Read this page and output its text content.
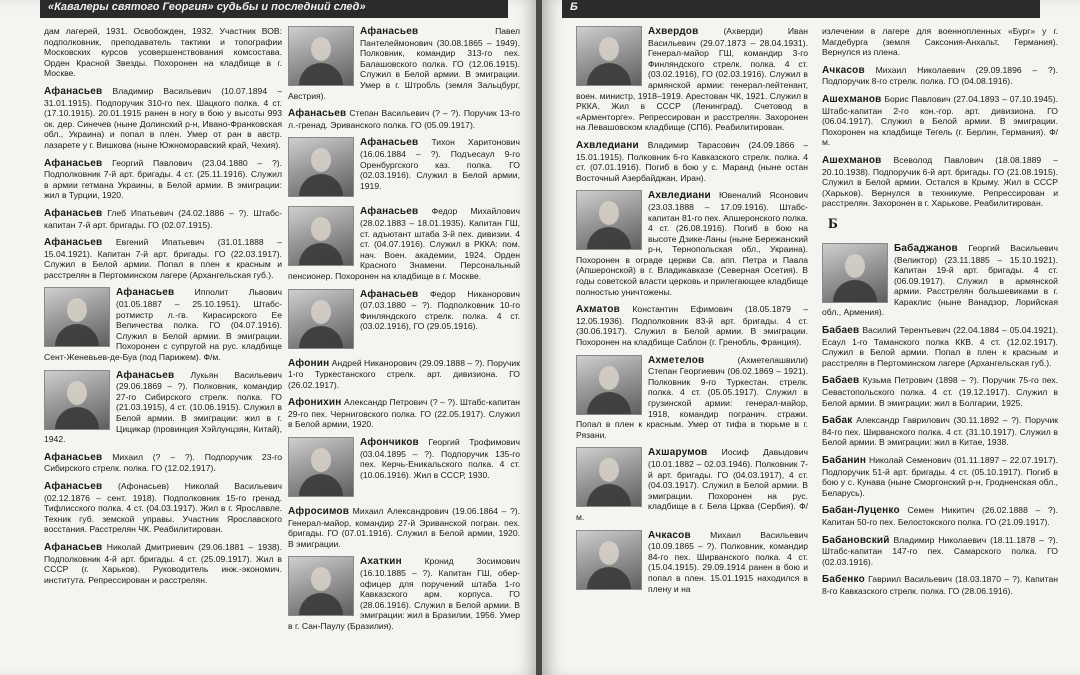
«Кавалеры святого Георгия» судьбы и последний след»
дам лагерей, 1931. Освобожден, 1932. Участник ВОВ: подполковник, преподаватель тактики и топографии Московских курсов усовершенствования комсостава. Орден Красной Звезды. Похоронен на кладбище в г. Москве.
Афанасьев Владимир Васильевич (10.07.1894 – 31.01.1915). Подпоручик 310-го пех. Шацкого полка. 4 ст. (17.10.1915). 20.01.1915 ранен в ногу в бою у высоты 993 ок. дер. Синечев (ныне Долинский р-н, Ивано-Франковская обл., Украина) и попал в плен. Умер от ран в австр. лазарете у г. Вишкова (ныне Южноморавский край, Чехия).
Афанасьев Георгий Павлович (23.04.1880 – ?). Подполковник 7-й арт. бригады. 4 ст. (25.11.1916). Служил в армии гетмана Украины, в Белой армии. В эмиграции: жил в Турции, 1920.
Афанасьев Глеб Ипатьевич (24.02.1886 – ?). Штабс-капитан 7-й арт. бригады. ГО (02.07.1915).
Афанасьев Евгений Ипатьевич (31.01.1888 – 15.04.1921). Капитан 7-й арт. бригады. ГО (22.03.1917). Служил в Белой армии. Попал в плен к красным и расстрелян в Пертоминском лагере (Архангельская губ.).
Афанасьев Ипполит Львович (01.05.1887 – 25.10.1951). Штабс-ротмистр л.-гв. Кирасирского Ее Величества полка. ГО (04.07.1916). Служил в Белой армии. В эмиграции. Похоронен с супругой на рус. кладбище Сент-Женевьев-де-Буа (под Парижем). Ф/м.
Афанасьев Лукьян Васильевич (29.06.1869 – ?). Полковник, командир 27-го Сибирского стрелк. полка. ГО (21.03.1915), 4 ст. (10.06.1915). Служил в Белой армии. В эмиграции: жил в г. Цицикар (провинция Хэйлунцзян, Китай), 1942.
Афанасьев Михаил (? – ?). Подпоручик 23-го Сибирского стрелк. полка. ГО (12.02.1917).
Афанасьев (Афонасьев) Николай Васильевич (02.12.1876 – сент. 1918). Подполковник 15-го гренад. Тифлисского полка. 4 ст. (04.03.1917). Жил в г. Ярославле. Техник губ. земской управы. Участник Ярославского восстания. Расстрелян ЧК. Реабилитирован.
Афанасьев Николай Дмитриевич (29.06.1881 – 1938). Подполковник 4-й арт. бригады. 4 ст. (25.09.1917). Жил в СССР (г. Харьков). Руководитель инж.-экономич. института. Репрессирован и расстрелян.
Афанасьев	Павел Пантелеймонович (30.08.1865 – 1949). Полковник, командир 313-го пех. Балашовского полка. ГО (12.06.1915). Служил в Белой армии. В эмиграции. Умер в г. Штробль (земля Зальцбург, Австрия).
Афанасьев Степан Васильевич (? – ?). Поручик 13-го л.-гренад. Эриванского полка. ГО (05.09.1917).
Афанасьев Тихон Харитонович (16.06.1884 – ?). Подъесаул 9-го Оренбургского каз. полка. ГО (02.03.1916). Служил в Белой армии, 1919.
Афанасьев Федор Михайлович (28.02.1883 – 18.01.1935). Капитан ГШ, ст. адъютант штаба 3-й пех. дивизии. 4 ст. (04.07.1916). Служил в РККА: пом. нач. Воен. академии, 1924. Орден Красного Знамени. Персональный пенсионер. Похоронен на кладбище в г. Москве.
Афанасьев Федор Никанорович (07.03.1880 – ?). Подполковник 10-го Финляндского стрелк. полка. 4 ст. (03.02.1916), ГО (29.05.1916).
Афонин Андрей Никанорович (29.09.1888 – ?). Поручик 1-го Туркестанского стрелк. арт. дивизиона. ГО (26.02.1917).
Афонихин Александр Петрович (? – ?). Штабс-капитан 29-го пех. Черниговского полка. ГО (22.05.1917). Служил в Белой армии, 1920.
Афончиков Георгий Трофимович (03.04.1895 – ?). Подпоручик 135-го пех. Керчь-Еникальского полка. 4 ст. (10.06.1916). Жил в СССР, 1930.
Афросимов Михаил Александрович (19.06.1864 – ?). Генерал-майор, командир 27-й Эриванской погран. пех. бригады. ГО (07.01.1916). Служил в Белой армии, 1920. В эмиграции.
Ахаткин	Кронид Зосимович (16.10.1885 – ?). Капитан ГШ, обер-офицер для поручений штаба 1-го Кавказского арм. корпуса. ГО (28.06.1916). Служил в Белой армии. В эмиграции: жил в Бразилии, 1956. Умер в г. Сан-Паулу (Бразилия).
Б
Ахвердов	(Ахверди) Иван Васильевич (29.07.1873 – 28.04.1931). Генерал-майор ГШ, командир 3-го Финляндского стрелк. полка. 4 ст. (03.02.1916), ГО (02.03.1916). Служил в армянской армии: генерал-лейтенант, воен. министр, 1918–1919. Арестован ЧК, 1921. Служил в РККА. Жил в СССР (Ленинград). Счетовод в «Арменторге». Репрессирован и расстрелян. Захоронен на Левашовском кладбище (СПб). Реабилитирован.
Ахвледиани Владимир Тарасович (24.09.1866 – 15.01.1915). Полковник 6-го Кавказского стрелк. полка. 4 ст. (07.01.1916). Погиб в бою у с. Маранд (ныне остан Восточный Азербайджан, Иран).
Ахвледиани Ювеналий Ясонович (23.03.1888 – 17.09.1916). Штабс-капитан 81-го пех. Апшеронского полка. 4 ст. (26.08.1916). Погиб в бою на высоте Дзике-Ланы (ныне Бережанский р-н, Тернопольская обл., Украина). Похоронен в ограде церкви Св. апп. Петра и Павла (Апшеронской) в г. Владикавказе (Северная Осетия). В годы советской власти церковь и прилегающее кладбище полностью уничтожены.
Ахматов Константин Ефимович (18.05.1879 – 12.05.1936). Подполковник 83-й арт. бригады. 4 ст. (30.06.1917). Служил в Белой армии. В эмиграции. Похоронен на кладбище Саблон (г. Гренобль, Франция).
Ахметелов	(Ахметелашвили) Степан Георгиевич (06.02.1869 – 1921). Полковник 9-го Туркестан. стрелк. полка. 4 ст. (05.05.1917). Служил в грузинской армии: генерал-майор, 1918, командир погранич. стражи. Попал в плен к красным. Умер от тифа в тюрьме в г. Рязани.
Ахшарумов Иосиф Давыдович (10.01.1882 – 02.03.1946). Полковник 7-й арт. бригады. ГО (04.03.1917), 4 ст. (04.03.1917). Служил в Белой армии. В эмиграции. Похоронен на рус. кладбище в г. Бела Црква (Сербия). Ф/м.
Ачкасов Михаил Васильевич (10.09.1865 – ?). Полковник, командир 84-го пех. Ширванского полка. 4 ст. (15.04.1915). 29.09.1914 ранен в бою и попал в плен. 15.01.1915 находился в плену и на
излечении в лагере для военнопленных «Бург» у г. Магдебурга (земля Саксония-Анхальт, Германия). Вернулся из плена.
Ачкасов Михаил Николаевич (29.09.1896 – ?). Подпоручик 8-го стрелк. полка. ГО (04.08.1916).
Ашехманов Борис Павлович (27.04.1893 – 07.10.1945). Штабс-капитан 2-го кон.-гор. арт. дивизиона. ГО (06.04.1917). Служил в Белой армии. В эмиграции. Похоронен на кладбище Тегель (г. Берлин, Германия). Ф/м.
Ашехманов Всеволод Павлович (18.08.1889 – 20.10.1938). Подпоручик 6-й арт. бригады. ГО (21.08.1915). Служил в Белой армии. Остался в Крыму. Жил в СССР (Харьков). Вернулся в техникуме. Репрессирован и расстрелян. Захоронен в г. Харькове. Реабилитирован.
Б
Бабаджанов Георгий Васильевич (Великтор) (23.11.1885 – 15.10.1921). Капитан 19-й арт. бригады. 4 ст. (06.09.1917). Служил в армянской армии. Расстрелян большевиками в г. Караклис (ныне Ванадзор, Лорийская обл., Армения).
Бабаев Василий Терентьевич (22.04.1884 – 05.04.1921). Есаул 1-го Таманского полка ККВ. 4 ст. (12.02.1917). Служил в Белой армии. Попал в плен к красным и расстрелян в Пертоминском лагере (Архангельская губ.).
Бабаев Кузьма Петрович (1898 – ?). Поручик 75-го пех. Севастопольского полка. 4 ст. (19.12.1917). Служил в Белой армии. В эмиграции: жил в Болгарии, 1925.
Бабак Александр Гаврилович (30.11.1892 – ?). Поручик 84-го пех. Ширванского полка. 4 ст. (31.10.1917). Служил в Белой армии. В эмиграции: жил в Китае, 1938.
Бабанин Николай Семенович (01.11.1897 – 22.07.1917). Подпоручик 51-й арт. бригады. 4 ст. (05.10.1917). Погиб в бою у с. Кунава (ныне Сморгонский р-н, Гродненская обл., Беларусь).
Бабан-Луценко Семен Никитич (26.02.1888 – ?). Капитан 50-го пех. Белостокского полка. ГО (21.09.1917).
Бабановский Владимир Николаевич (18.11.1878 – ?). Штабс-капитан 147-го пех. Самарского полка. ГО (02.03.1916).
Бабенко Гавриил Васильевич (18.03.1870 – ?). Капитан 8-го Кавказского стрелк. полка. ГО (28.06.1916).
